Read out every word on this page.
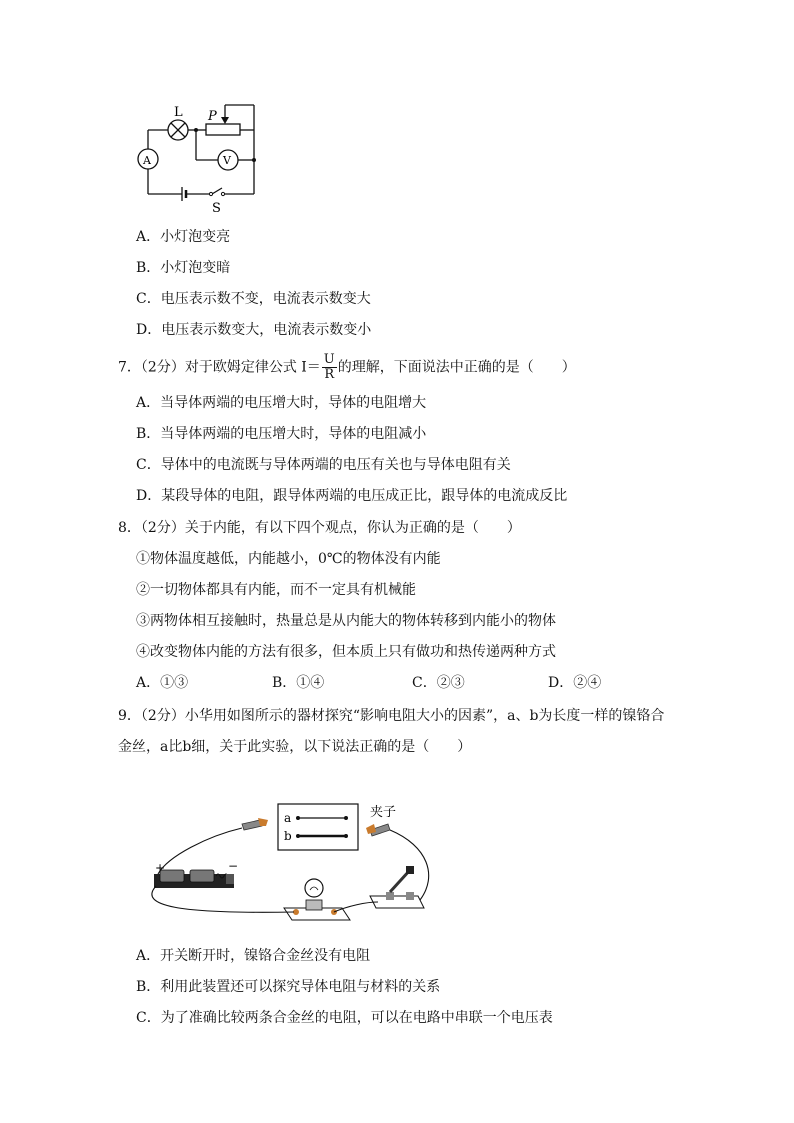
L P
A	V
S
A．小灯泡变亮
B．小灯泡变暗
C．电压表示数不变，电流表示数变大
D．电压表示数变大，电流表示数变小
7．（2分）对于欧姆定律公式 $I= \frac{U}{R}$ 的理解，下面说法中正确的是（　　）
A．当导体两端的电压增大时，导体的电阻增大
B．当导体两端的电压增大时，导体的电阻减小
C．导体中的电流既与导体两端的电压有关也与导体电阻有关
D．某段导体的电阻，跟导体两端的电压成正比，跟导体的电流成反比
8．（2分）关于内能，有以下四个观点，你认为正确的是（　　）
①物体温度越低，内能越小，0℃的物体没有内能
②一切物体都具有内能，而不一定具有机械能
③两物体相互接触时，热量总是从内能大的物体转移到内能小的物体
④改变物体内能的方法有很多，但本质上只有做功和热传递两种方式
A．①③	B．①④	C．②③	D．②④
9．（2分）小华用如图所示的器材探究“影响电阻大小的因素”，a、b为长度一样的镍铬合
金丝，a比b细，关于此实验，以下说法正确的是（　　）
a
b
夹子
+	−
A．开关断开时，镍铬合金丝没有电阻
B．利用此装置还可以探究导体电阻与材料的关系
C．为了准确比较两条合金丝的电阻，可以在电路中串联一个电压表
